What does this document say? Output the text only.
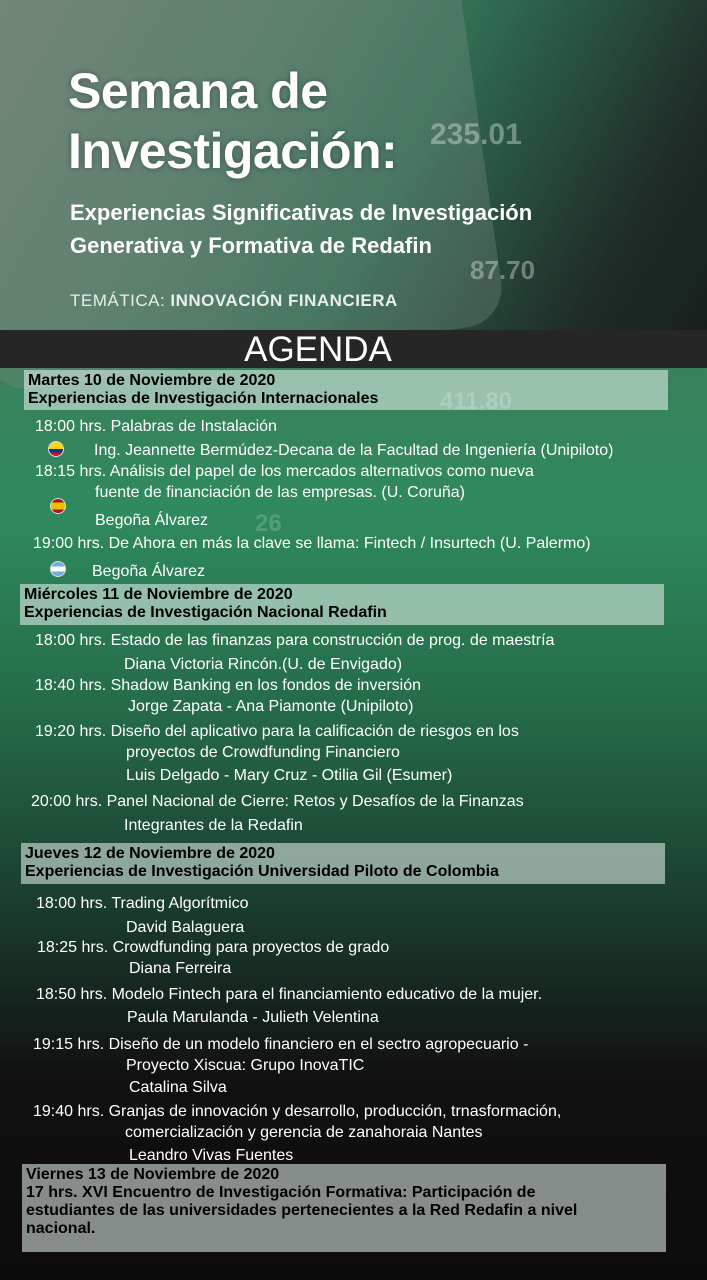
235.01
87.70
Semana de
Investigación:
Experiencias Significativas de Investigación
Generativa y Formativa de Redafin
TEMÁTICA: INNOVACIÓN FINANCIERA
AGENDA
26
Martes 10 de Noviembre de 2020
Experiencias de Investigación Internacionales
18:00 hrs. Palabras de Instalación
Ing. Jeannette Bermúdez-Decana de la Facultad de Ingeniería (Unipiloto)
18:15 hrs. Análisis del papel de los mercados alternativos como nueva
fuente de financiación de las empresas. (U. Coruña)
Begoña Álvarez
19:00 hrs. De Ahora en más la clave se llama: Fintech / Insurtech (U. Palermo)
Begoña Álvarez
Miércoles 11 de Noviembre de 2020
Experiencias de Investigación Nacional Redafin
18:00 hrs. Estado de las finanzas para construcción de prog. de maestría
Diana Victoria Rincón.(U. de Envigado)
18:40 hrs. Shadow Banking en los fondos de inversión
Jorge Zapata - Ana Piamonte (Unipiloto)
19:20 hrs. Diseño del aplicativo para la calificación de riesgos en los
proyectos de Crowdfunding Financiero
Luis Delgado - Mary Cruz - Otilia Gil (Esumer)
20:00 hrs. Panel Nacional de Cierre: Retos y Desafíos de la Finanzas
Integrantes de la Redafin
Jueves 12 de Noviembre de 2020
Experiencias de Investigación Universidad Piloto de Colombia
18:00 hrs. Trading Algorítmico
David Balaguera
18:25 hrs. Crowdfunding para proyectos de grado
Diana Ferreira
18:50 hrs. Modelo Fintech para el financiamiento educativo de la mujer.
Paula Marulanda - Julieth Velentina
19:15 hrs. Diseño de un modelo financiero en el sectro agropecuario -
Proyecto Xiscua: Grupo InovaTIC
Catalina Silva
19:40 hrs. Granjas de innovación y desarrollo, producción, trnasformación,
comercialización y gerencia de zanahoraia Nantes
Leandro Vivas Fuentes
Viernes 13 de Noviembre de 2020
17 hrs. XVI Encuentro de Investigación Formativa: Participación de
estudiantes de las universidades pertenecientes a la Red Redafin a nivel
nacional.
